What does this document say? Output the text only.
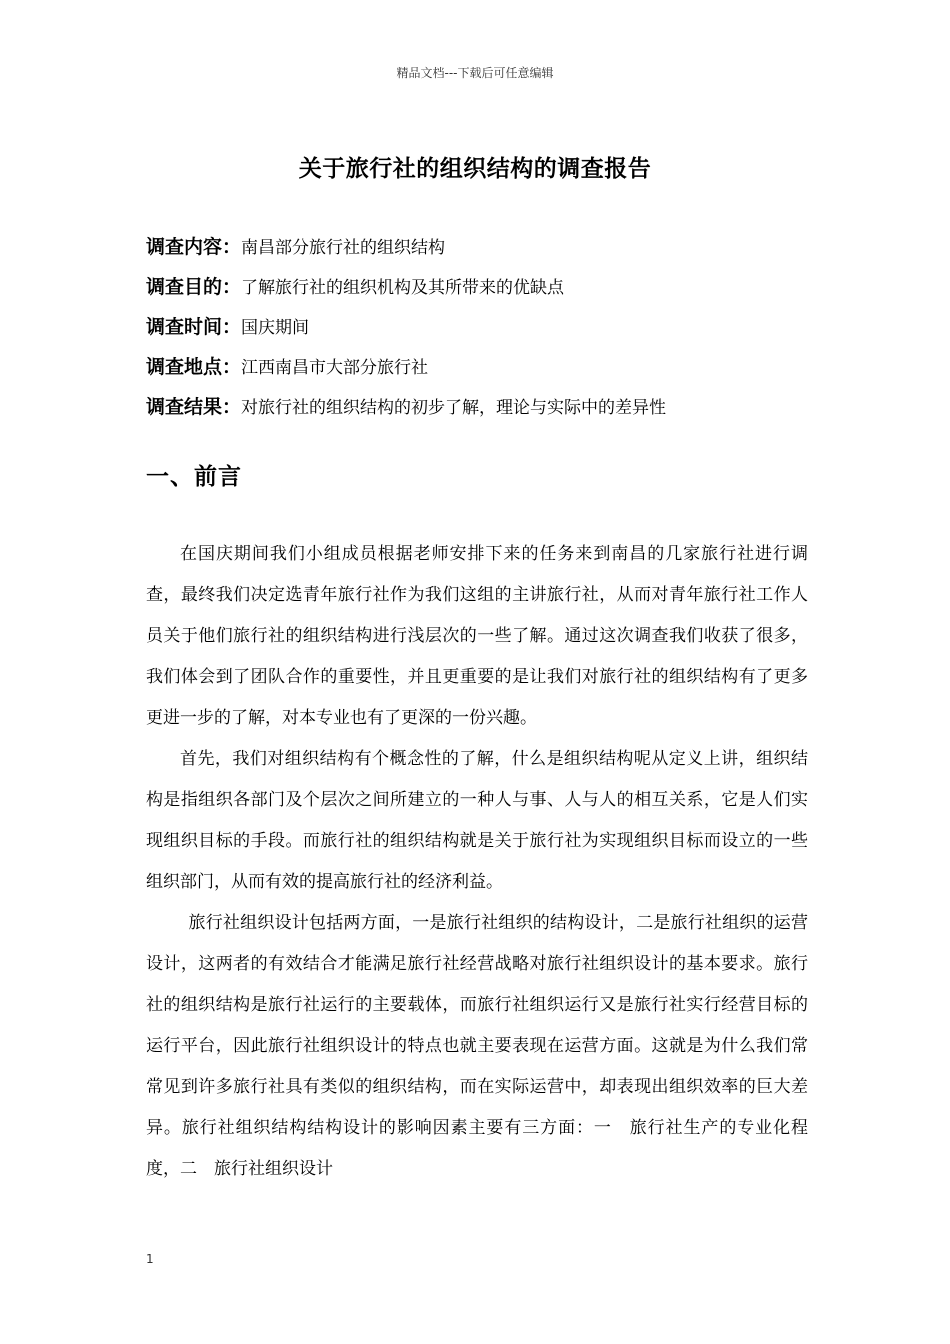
精品文档---下载后可任意编辑
关于旅行社的组织结构的调查报告
调查内容：南昌部分旅行社的组织结构
调查目的：了解旅行社的组织机构及其所带来的优缺点
调查时间：国庆期间
调查地点：江西南昌市大部分旅行社
调查结果：对旅行社的组织结构的初步了解，理论与实际中的差异性
一、前言

在国庆期间我们小组成员根据老师安排下来的任务来到南昌的几家旅行社进行调查，最终我们决定选青年旅行社作为我们这组的主讲旅行社，从而对青年旅行社工作人员关于他们旅行社的组织结构进行浅层次的一些了解。通过这次调查我们收获了很多，我们体会到了团队合作的重要性，并且更重要的是让我们对旅行社的组织结构有了更多更进一步的了解，对本专业也有了更深的一份兴趣。

首先，我们对组织结构有个概念性的了解，什么是组织结构呢从定义上讲，组织结构是指组织各部门及个层次之间所建立的一种人与事、人与人的相互关系，它是人们实现组织目标的手段。而旅行社的组织结构就是关于旅行社为实现组织目标而设立的一些组织部门，从而有效的提高旅行社的经济利益。

旅行社组织设计包括两方面，一是旅行社组织的结构设计，二是旅行社组织的运营设计，这两者的有效结合才能满足旅行社经营战略对旅行社组织设计的基本要求。旅行社的组织结构是旅行社运行的主要载体，而旅行社组织运行又是旅行社实行经营目标的运行平台，因此旅行社组织设计的特点也就主要表现在运营方面。这就是为什么我们常常见到许多旅行社具有类似的组织结构，而在实际运营中，却表现出组织效率的巨大差异。旅行社组织结构结构设计的影响因素主要有三方面：一　旅行社生产的专业化程度，二　旅行社组织设计

1
